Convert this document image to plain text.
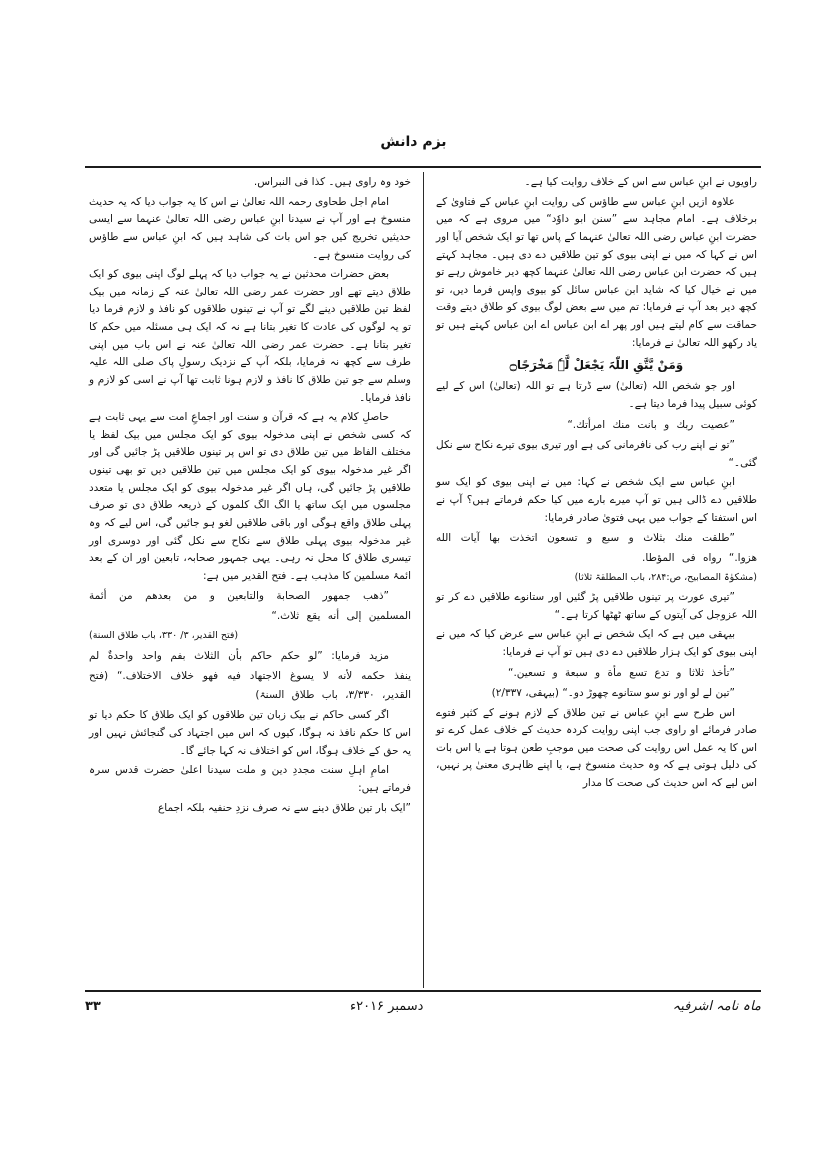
بزم دانش

راویوں نے ابنِ عباس سے اس کے خلاف روایت کیا ہے۔

علاوہ ازیں ابنِ عباس سے طاؤس کی روایت ابنِ عباس کے فتاویٰ کے برخلاف ہے۔ امام مجاہد سے ”سنن ابو داوٗد“ میں مروی ہے کہ میں حضرت ابنِ عباس رضی اللہ تعالیٰ عنہما کے پاس تھا تو ایک شخص آیا اور اس نے کہا کہ میں نے اپنی بیوی کو تین طلاقیں دے دی ہیں۔ مجاہد کہتے ہیں کہ حضرت ابن عباس رضی اللہ تعالیٰ عنہما کچھ دیر خاموش رہے تو میں نے خیال کیا کہ شاید ابن عباس سائل کو بیوی واپس فرما دیں، تو کچھ دیر بعد آپ نے فرمایا: تم میں سے بعض لوگ بیوی کو طلاق دیتے وقت حماقت سے کام لیتے ہیں اور پھر اے ابن عباس اے ابن عباس کہتے ہیں تو یاد رکھو اللہ تعالیٰ نے فرمایا:

وَمَنْ يَّتَّقِ اللّٰہَ يَجْعَلْ لَّہٗ مَخْرَجًا۝

اور جو شخص اللہ (تعالیٰ) سے ڈرتا ہے تو اللہ (تعالیٰ) اس کے لیے کوئی سبیل پیدا فرما دیتا ہے۔

”عصيت ربك و بانت منك امرأتك.“

”تو نے اپنے رب کی نافرمانی کی ہے اور تیری بیوی تیرے نکاح سے نکل گئی۔“

ابنِ عباس سے ایک شخص نے کہا: میں نے اپنی بیوی کو ایک سو طلاقیں دے ڈالی ہیں تو آپ میرے بارے میں کیا حکم فرماتے ہیں؟ آپ نے اس استفتا کے جواب میں یہی فتویٰ صادر فرمایا:

”طلقت منك بثلاث و سبع و تسعون اتخذت بها آيات الله هزوا.“ رواه فى المؤطا.

(مشکوٰۃ المصابیح، ص:۲۸۴، باب المطلقۃ ثلاثا)

”تیری عورت پر تینوں طلاقیں پڑ گئیں اور ستانوے طلاقیں دے کر تو اللہ عزوجل کی آیتوں کے ساتھ ٹھٹھا کرتا ہے۔“

بیہقی میں ہے کہ ایک شخص نے ابنِ عباس سے عرض کیا کہ میں نے اپنی بیوی کو ایک ہزار طلاقیں دے دی ہیں تو آپ نے فرمایا:

”تأخذ ثلاثا و تدع تسع مأة و سبعة و تسعين.“

”تین لے لو اور نو سو ستانوے چھوڑ دو۔“ (بیہقی، ۲/۳۳۷)

اس طرح سے ابنِ عباس نے تین طلاق کے لازم ہونے کے کثیر فتوے صادر فرمائے او راوی جب اپنی روایت کردہ حدیث کے خلاف عمل کرے تو اس کا یہ عمل اس روایت کی صحت میں موجبِ طعن ہوتا ہے یا اس بات کی دلیل ہوتی ہے کہ وہ حدیث منسوخ ہے، یا اپنے ظاہری معنیٰ پر نہیں، اس لیے کہ اس حدیث کی صحت کا مدار

خود وہ راوی ہیں۔ كذا فى النبراس.

امام اجل طحاوی رحمہ اللہ تعالیٰ نے اس کا یہ جواب دیا کہ یہ حدیث منسوخ ہے اور آپ نے سیدنا ابنِ عباس رضی اللہ تعالیٰ عنہما سے ایسی حدیثیں تخریج کیں جو اس بات کی شاہد ہیں کہ ابنِ عباس سے طاؤس کی روایت منسوخ ہے۔

بعض حضرات محدثین نے یہ جواب دیا کہ پہلے لوگ اپنی بیوی کو ایک طلاق دیتے تھے اور حضرت عمر رضی اللہ تعالیٰ عنہ کے زمانہ میں بیک لفظ تین طلاقیں دینے لگے تو آپ نے تینوں طلاقوں کو نافذ و لازم فرما دیا تو یہ لوگوں کی عادت کا تغیر بتانا ہے نہ کہ ایک ہی مسئلہ میں حکم کا تغیر بتانا ہے۔ حضرت عمر رضی اللہ تعالیٰ عنہ نے اس باب میں اپنی طرف سے کچھ نہ فرمایا، بلکہ آپ کے نزدیک رسولِ پاک صلی اللہ علیہ وسلم سے جو تین طلاق کا نافذ و لازم ہونا ثابت تھا آپ نے اسی کو لازم و نافذ فرمایا۔

حاصلِ کلام یہ ہے کہ قرآن و سنت اور اجماعِ امت سے یہی ثابت ہے کہ کسی شخص نے اپنی مدخولہ بیوی کو ایک مجلس میں بیک لفظ یا مختلف الفاظ میں تین طلاق دی تو اس پر تینوں طلاقیں پڑ جائیں گی اور اگر غیر مدخولہ بیوی کو ایک مجلس میں تین طلاقیں دیں تو بھی تینوں طلاقیں پڑ جائیں گی، ہاں اگر غیر مدخولہ بیوی کو ایک مجلس یا متعدد مجلسوں میں ایک ساتھ یا الگ الگ کلموں کے ذریعہ طلاق دی تو صرف پہلی طلاق واقع ہوگی اور باقی طلاقیں لغو ہو جائیں گی، اس لیے کہ وہ غیر مدخولہ بیوی پہلی طلاق سے نکاح سے نکل گئی اور دوسری اور تیسری طلاق کا محل نہ رہی۔ یہی جمہور صحابہ، تابعین اور ان کے بعد ائمۂ مسلمین کا مذہب ہے۔ فتح القدیر میں ہے:

”ذهب جمهور الصحابة والتابعين و من بعدهم من أئمة المسلمين إلى أنه يقع ثلاث.“

(فتح القدير، ۳/ ۳۳۰، باب طلاق السنة)

مزید فرمایا: ”لو حكم حاكم بأن الثلاث بفم واحد واحدةٌ لم ينفذ حكمه لأنه لا يسوغ الاجتهاد فيه فهو خلاف الاختلاف.“ (فتح القدير، ۳/۳۳۰، باب طلاق السنۃ)

اگر کسی حاکم نے بیک زبان تین طلاقوں کو ایک طلاق کا حکم دیا تو اس کا حکم نافذ نہ ہوگا، کیوں کہ اس میں اجتہاد کی گنجائش نہیں اور یہ حق کے خلاف ہوگا، اس کو اختلاف نہ کہا جائے گا۔

امامِ اہلِ سنت مجددِ دین و ملت سیدنا اعلیٰ حضرت قدس سرہ فرماتے ہیں:

”ایک بار تین طلاق دینے سے نہ صرف نزدِ حنفیہ بلکہ اجماع

ماہ نامہ اشرفیہ
دسمبر ۲۰۱۶ء
۳۳
